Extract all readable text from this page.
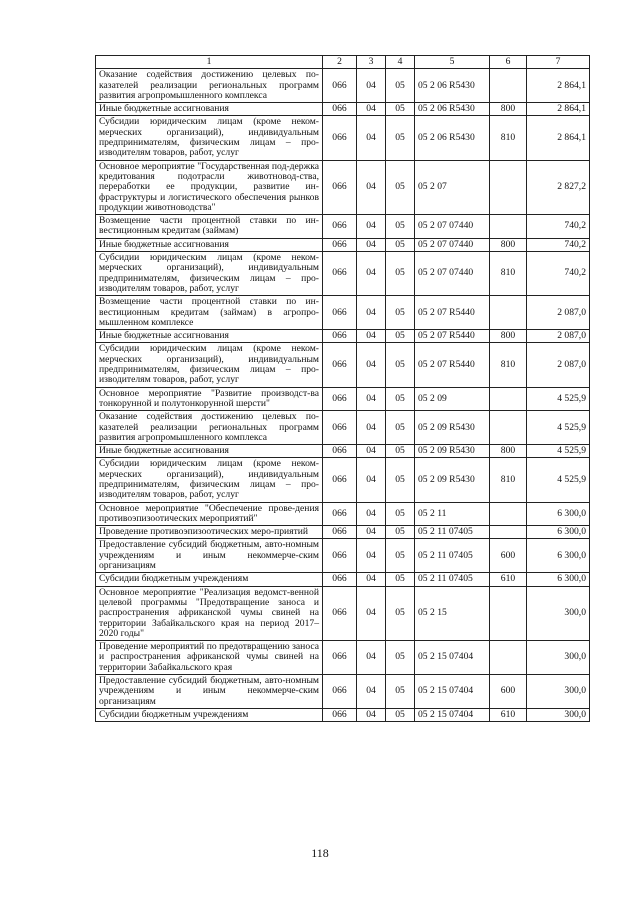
1	2	3	4	5	6	7
Оказание содействия достижению целевых по-казателей реализации региональных программ развития агропромышленного комплекса	066	04	05	05 2 06 R5430		2 864,1
Иные бюджетные ассигнования	066	04	05	05 2 06 R5430	800	2 864,1
Субсидии юридическим лицам (кроме неком-мерческих организаций), индивидуальным предпринимателям, физическим лицам – про-изводителям товаров, работ, услуг	066	04	05	05 2 06 R5430	810	2 864,1
Основное мероприятие "Государственная под-держка кредитования подотрасли животновод-ства, переработки ее продукции, развитие ин-фраструктуры и логистического обеспечения рынков продукции животноводства"	066	04	05	05 2 07		2 827,2
Возмещение части процентной ставки по ин-вестиционным кредитам (займам)	066	04	05	05 2 07 07440		740,2
Иные бюджетные ассигнования	066	04	05	05 2 07 07440	800	740,2
Субсидии юридическим лицам (кроме неком-мерческих организаций), индивидуальным предпринимателям, физическим лицам – про-изводителям товаров, работ, услуг	066	04	05	05 2 07 07440	810	740,2
Возмещение части процентной ставки по ин-вестиционным кредитам (займам) в агропро-мышленном комплексе	066	04	05	05 2 07 R5440		2 087,0
Иные бюджетные ассигнования	066	04	05	05 2 07 R5440	800	2 087,0
Субсидии юридическим лицам (кроме неком-мерческих организаций), индивидуальным предпринимателям, физическим лицам – про-изводителям товаров, работ, услуг	066	04	05	05 2 07 R5440	810	2 087,0
Основное мероприятие "Развитие производст-ва тонкорунной и полутонкорунной шерсти"	066	04	05	05 2 09		4 525,9
Оказание содействия достижению целевых по-казателей реализации региональных программ развития агропромышленного комплекса	066	04	05	05 2 09 R5430		4 525,9
Иные бюджетные ассигнования	066	04	05	05 2 09 R5430	800	4 525,9
Субсидии юридическим лицам (кроме неком-мерческих организаций), индивидуальным предпринимателям, физическим лицам – про-изводителям товаров, работ, услуг	066	04	05	05 2 09 R5430	810	4 525,9
Основное мероприятие "Обеспечение прове-дения противоэпизоотических мероприятий"	066	04	05	05 2 11		6 300,0
Проведение противоэпизоотических меро-приятий	066	04	05	05 2 11 07405		6 300,0
Предоставление субсидий бюджетным, авто-номным учреждениям и иным некоммерче-ским организациям	066	04	05	05 2 11 07405	600	6 300,0
Субсидии бюджетным учреждениям	066	04	05	05 2 11 07405	610	6 300,0
Основное мероприятие "Реализация ведомст-венной целевой программы "Предотвращение заноса и распространения африканской чумы свиней на территории Забайкальского края на период 2017–2020 годы"	066	04	05	05 2 15		300,0
Проведение мероприятий по предотвращению заноса и распространения африканской чумы свиней на территории Забайкальского края	066	04	05	05 2 15 07404		300,0
Предоставление субсидий бюджетным, авто-номным учреждениям и иным некоммерче-ским организациям	066	04	05	05 2 15 07404	600	300,0
Субсидии бюджетным учреждениям	066	04	05	05 2 15 07404	610	300,0
118
